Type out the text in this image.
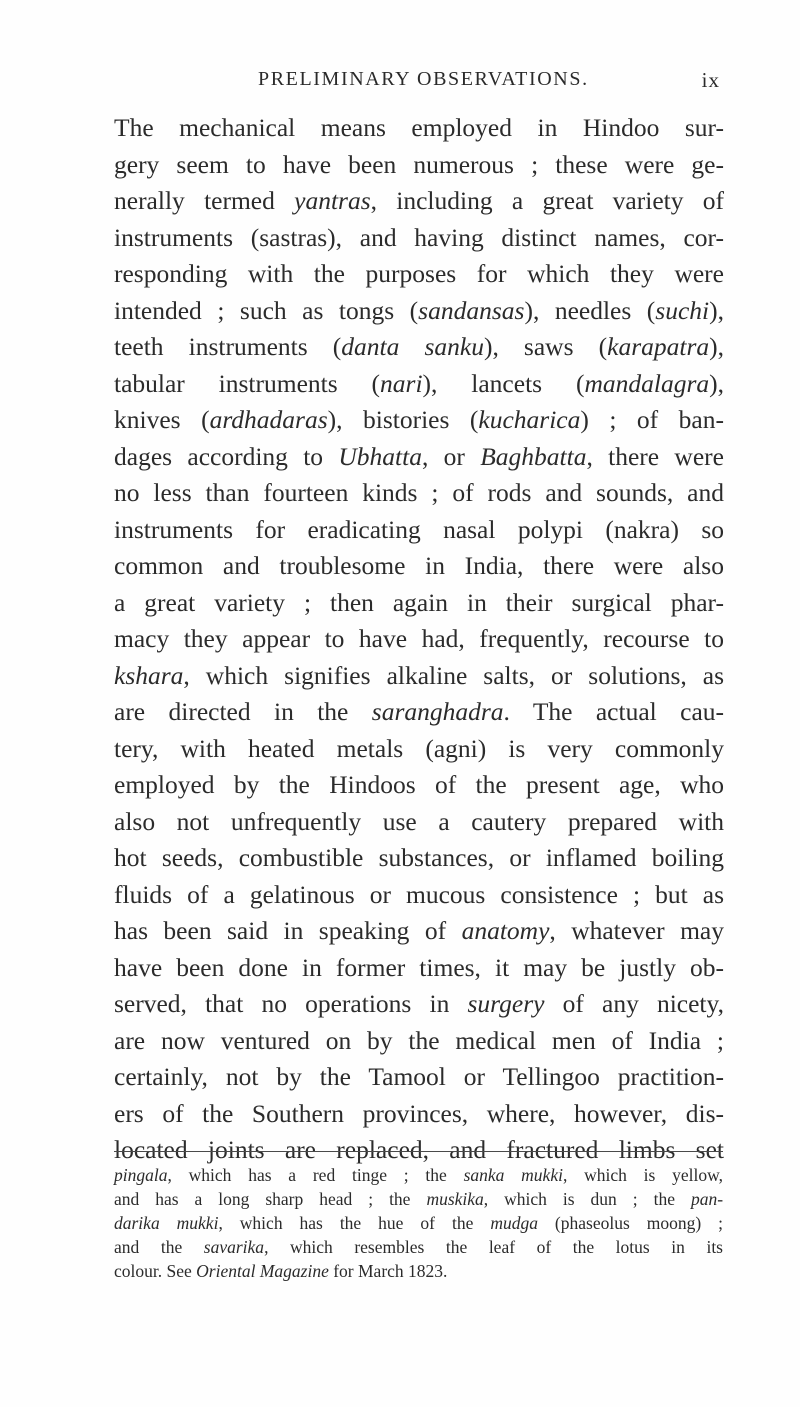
PRELIMINARY OBSERVATIONS.	ix
The mechanical means employed in Hindoo sur-
gery seem to have been numerous ; these were ge-
nerally termed yantras, including a great variety of
instruments (sastras), and having distinct names, cor-
responding with the purposes for which they were
intended ; such as tongs (sandansas), needles (suchi),
teeth instruments (danta sanku), saws (karapatra),
tabular instruments (nari), lancets (mandalagra),
knives (ardhadaras), bistories (kucharica) ; of ban-
dages according to Ubhatta, or Baghbatta, there were
no less than fourteen kinds ; of rods and sounds, and
instruments for eradicating nasal polypi (nakra) so
common and troublesome in India, there were also
a great variety ; then again in their surgical phar-
macy they appear to have had, frequently, recourse to
kshara, which signifies alkaline salts, or solutions, as
are directed in the saranghadra. The actual cau-
tery, with heated metals (agni) is very commonly
employed by the Hindoos of the present age, who
also not unfrequently use a cautery prepared with
hot seeds, combustible substances, or inflamed boiling
fluids of a gelatinous or mucous consistence ; but as
has been said in speaking of anatomy, whatever may
have been done in former times, it may be justly ob-
served, that no operations in surgery of any nicety,
are now ventured on by the medical men of India ;
certainly, not by the Tamool or Tellingoo practition-
ers of the Southern provinces, where, however, dis-
located joints are replaced, and fractured limbs set
pingala, which has a red tinge ; the sanka mukki, which is yellow,
and has a long sharp head ; the muskika, which is dun ; the pan-
darika mukki, which has the hue of the mudga (phaseolus moong) ;
and the savarika, which resembles the leaf of the lotus in its
colour. See Oriental Magazine for March 1823.
